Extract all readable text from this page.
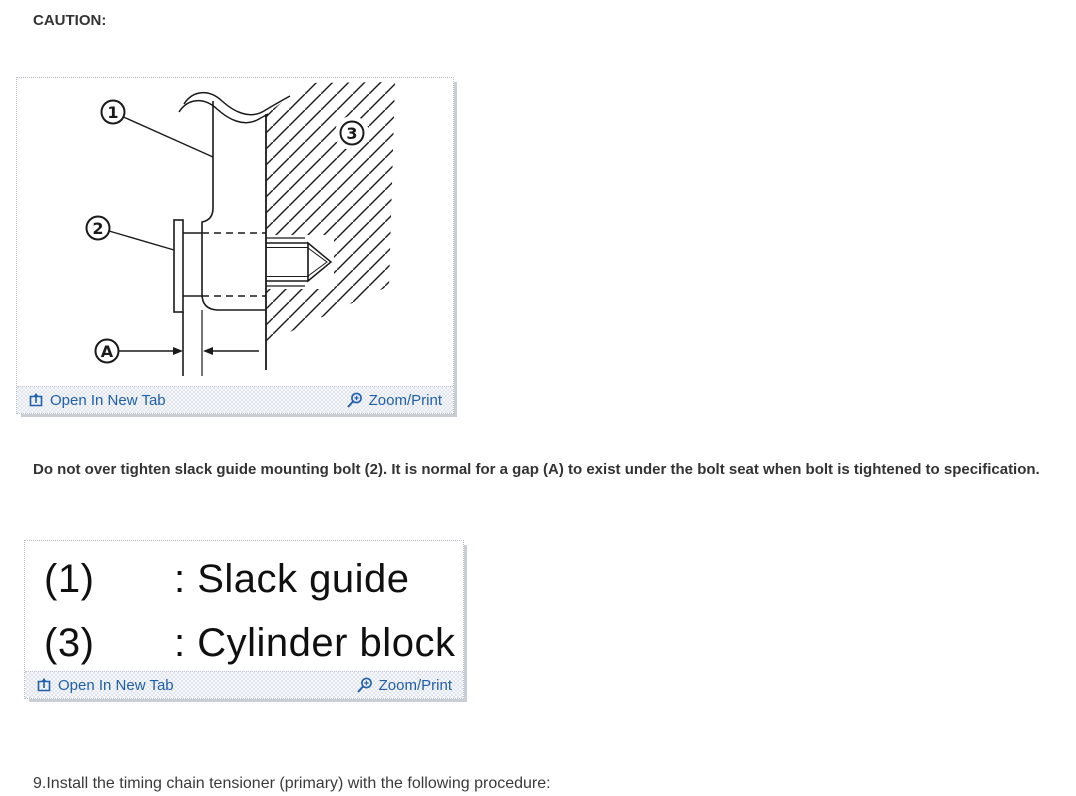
CAUTION:
1
2
3
A
Open In New Tab	Zoom/Print

Do not over tighten slack guide mounting bolt (2). It is normal for a gap (A) to exist under the bolt seat when bolt is tightened to specification.

(1)	: Slack guide
(3)	: Cylinder block
Open In New Tab	Zoom/Print

9.Install the timing chain tensioner (primary) with the following procedure:
